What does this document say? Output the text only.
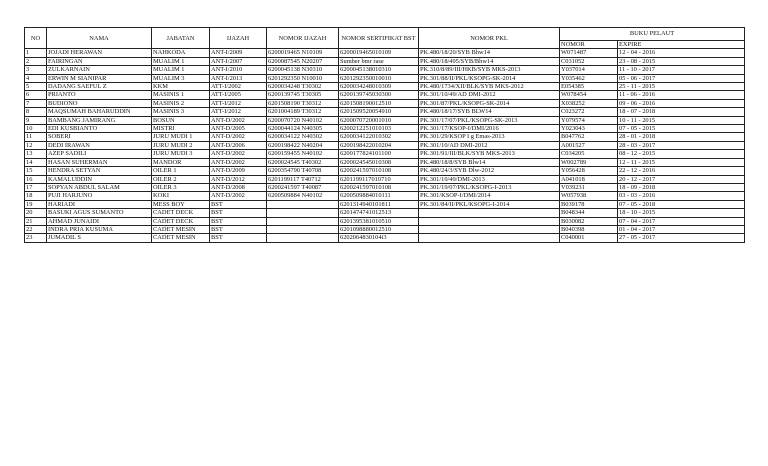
NO	NAMA	JABATAN	IJAZAH	NOMOR IJAZAH	NOMOR SERTIFIKAT BST	NOMOR PKL	BUKU PELAUT	
							NOMOR	EXPIRE
1	JOJADI HERAWAN	NAHKODA	ANT-I/2009	6200019465 N10109	6200019465010109	PK.480/18/20/SYB Bhw14	W071487	12 - 04 - 2016
2	FAIRINGAN	MUALIM 1	ANT-I/2007	6200087545 N20207	Sumber bmr rase	PK.480/18/495/SYB/Bhw14	C031052	23 - 08 - 2015
3	ZULKARNAIN	MUALIM 1	ANT-I/2010	6200045138 N30310	6200045138010310	PK.310/8/89/III/HKB/SYB MKS-2013	Y037014	11 - 10 - 2017
4	ERWIN M SIANIPAR	MUALIM 3	ANT-I/2013	6201292350 N10010	6201292350010010	PK.301/88/II/PKL/KSOPG-SK-2014	Y035462	05 - 06 - 2017
5	DADANG SAEFUL Z	KKM	ATT-I/2002	6200034248 T30302	6200034248010309	PK.480/1734/XII/BLK/SYB MKS-2012	E054385	25 - 11 - 2015
6	PRIANTO	MASINIS 1	ATT-I/2005	6200139745 T30305	6200139745030300	PK.301/10/49/AD DMI-2012	W078454	11 - 06 - 2016
7	BUDIONO	MASINIS 2	ATT-I/2012	6201508190 T30312	6201508190012510	PK.301/87/PKL/KSOPG-SK-2014	X038252	09 - 06 - 2016
8	MAQSUMAH BAHARUDDIN	MASINIS 3	ATT-I/2012	6201004189 T30312	6201509520054910	PK.480/18/17/SYB BLW14	C023272	18 - 07 - 2018
9	BAMBANG JAMIRANG	BOSUN	ANT-D/2002	6200070720 N40102	6200070720001010	PK.301/17/07/PKL/KSOPG-SK-2013	Y079574	10 - 11 - 2015
10	EDI KUSBIANTO	MISTRI	ANT-D/2005	6200044124 N40305	6200212251010103	PK.301/17/KSOP-I/DMI/2016	Y023043	07 - 05 - 2015
11	SOBERI	JURU MUDI 1	ANT-D/2002	6200034122 N40302	6200034122010302	PK.301/29/KSOP I g Emas-2013	B047762	28 - 01 - 2018
12	DEDI IRAWAN	JURU MUDI 2	ANT-D/2006	6200198422 N40204	6200198422010204	PK.301/10/AD DMI-2012	A001527	28 - 03 - 2017
13	AZEP SADILI	JURU MUDI 3	ANT-D/2002	6200159455 N40102	6200177824101100	PK.301/91/III/BLK/SYB MKS-2013	C034205	08 - 12 - 2015
14	HASAN SUHERMAN	MANDOR	ANT-D/2002	6200024545 T40302	6200024545010308	PK.480/18/8/SYB Blw14	W002789	12 - 11 - 2015
15	HENDRA SETYAN	OILER 1	ANT-D/2009	6200354790 T40708	6200241597010108	PK.480/24/3/SYB Dlw-2012	Y056428	22 - 12 - 2016
16	KAMALUDDIN	OILER 2	ANT-D/2012	6201199117 T40712	6201199117010710	PK.301/10/49/DMI-2013	A041018	20 - 12 - 2017
17	SOPYAN ABDUL SALAM	OILER 3	ANT-D/2008	6200241597 T40087	6200241597010108	PK.301/19/07/PKL/KSOPG-I-2013	V039231	18 - 09 - 2018
18	PUJI HARJUNO	KOKI	ANT-D/2002	6200509884 N40102	6200509884010111	PK.301/KSOP-I/DMI/2014	W057938	03 - 03 - 2016
19	HARIADI	MESS BOY	BST		6201314940101811	PK.301/84/II/PKL/KSOPG-I-2014	B039178	07 - 05 - 2018
20	BASUKI AGUS SUMANTO	CADET DECK	BST		6201474741012513		B048344	18 - 10 - 2015
21	AHMAD JUNAIDI	CADET DECK	BST		6201395381010510		B030082	07 - 04 - 2017
22	INDRA PRIA KUSUMA	CADET MESIN	BST		6201098880012510		B040398	01 - 04 - 2017
23	JUMADIL S	CADET MESIN	BST		6202064830104i3		C040001	27 - 05 - 2017
